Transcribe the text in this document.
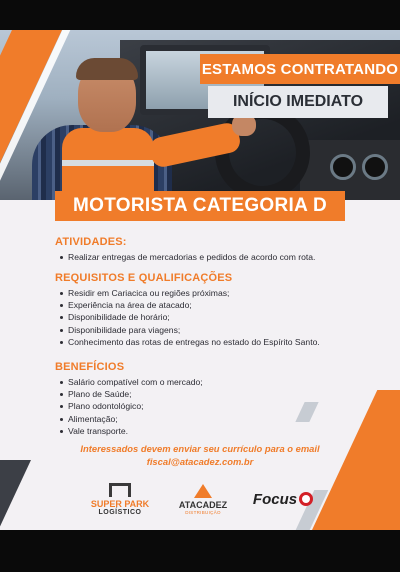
ESTAMOS CONTRATANDO
INÍCIO IMEDIATO
MOTORISTA CATEGORIA D
ATIVIDADES:
Realizar entregas de mercadorias e pedidos de acordo com rota.
REQUISITOS E QUALIFICAÇÕES
Residir em Cariacica ou regiões próximas;
Experiência na área de atacado;
Disponibilidade de horário;
Disponibilidade para viagens;
Conhecimento das rotas de entregas no estado do Espírito Santo.
BENEFÍCIOS
Salário compatível com o mercado;
Plano de Saúde;
Plano odontológico;
Alimentação;
Vale transporte.
Interessados devem enviar seu currículo para o email
fiscal@atacadez.com.br
SUPER PARK
LOGÍSTICO
ATACADEZ
DISTRIBUIÇÃO
Focus
